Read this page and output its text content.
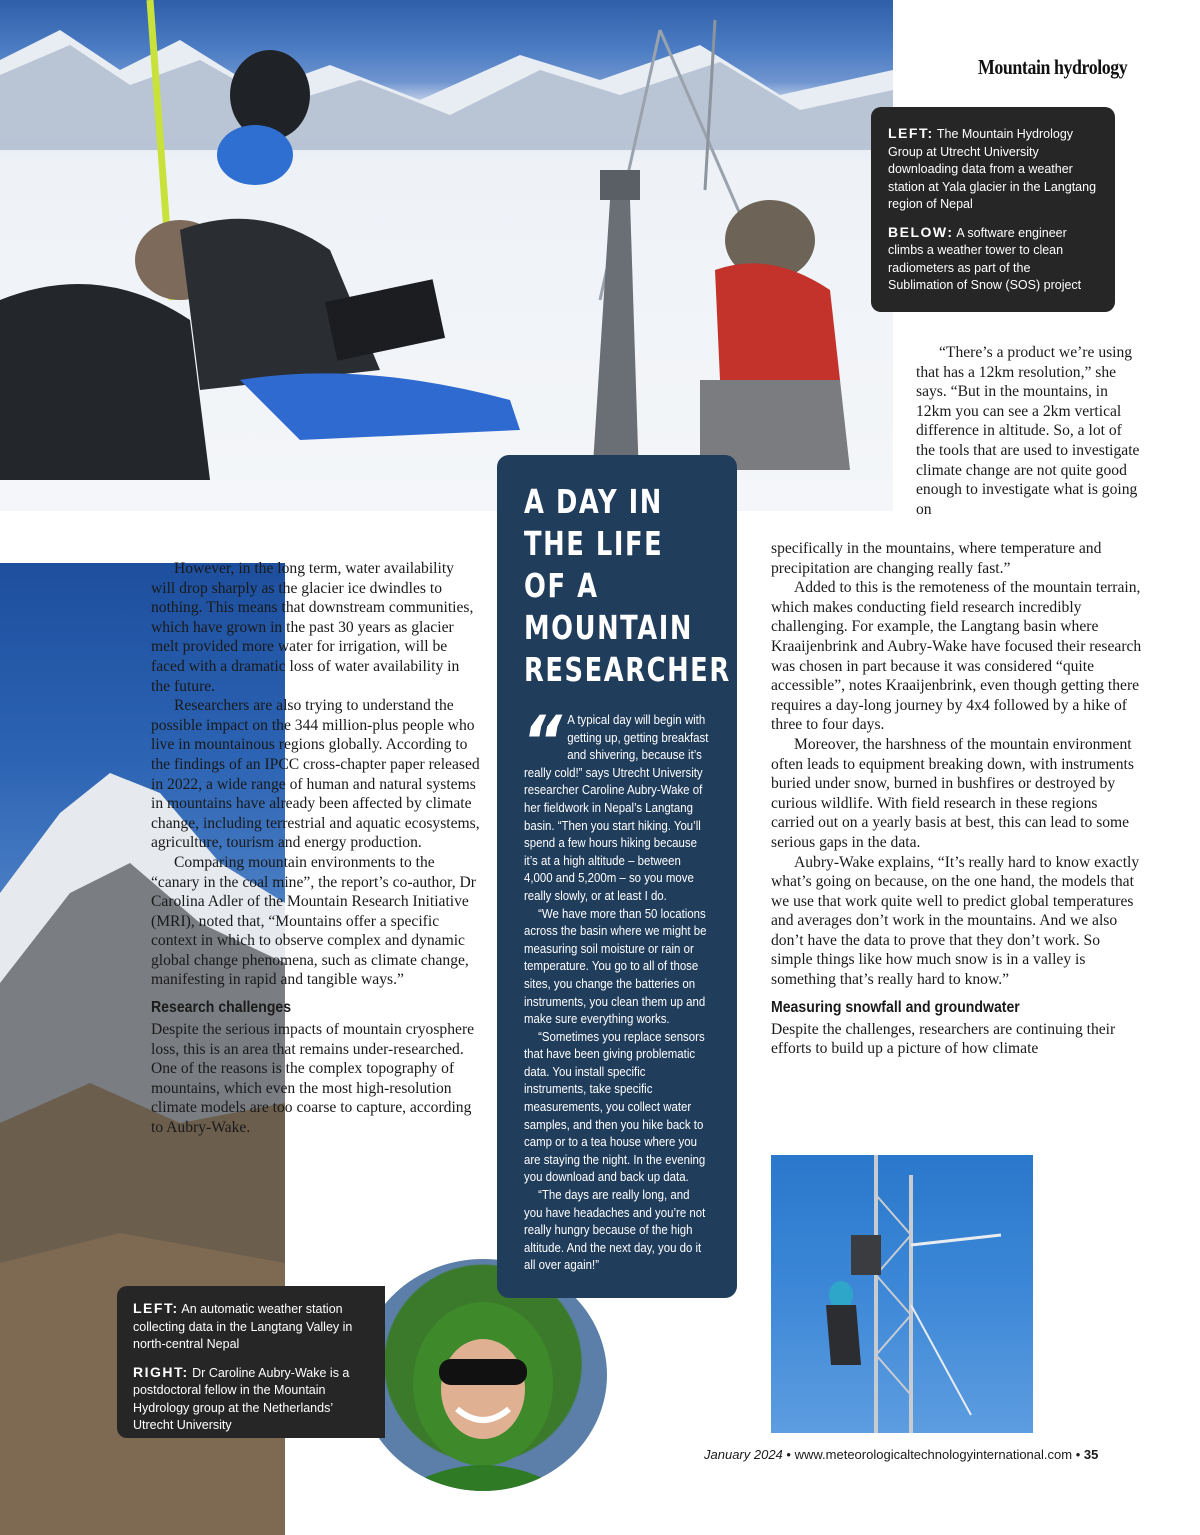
Mountain hydrology

LEFT: The Mountain Hydrology Group at Utrecht University downloading data from a weather station at Yala glacier in the Langtang region of Nepal

BELOW: A software engineer climbs a weather tower to clean radiometers as part of the Sublimation of Snow (SOS) project

LEFT: An automatic weather station collecting data in the Langtang Valley in north-central Nepal

RIGHT: Dr Caroline Aubry-Wake is a postdoctoral fellow in the Mountain Hydrology group at the Netherlands’ Utrecht University

However, in the long term, water availability will drop sharply as the glacier ice dwindles to nothing. This means that downstream communities, which have grown in the past 30 years as glacier melt provided more water for irrigation, will be faced with a dramatic loss of water availability in the future.

Researchers are also trying to understand the possible impact on the 344 million-plus people who live in mountainous regions globally. According to the findings of an IPCC cross-chapter paper released in 2022, a wide range of human and natural systems in mountains have already been affected by climate change, including terrestrial and aquatic ecosystems, agriculture, tourism and energy production.

Comparing mountain environments to the “canary in the coal mine”, the report’s co-author, Dr Carolina Adler of the Mountain Research Initiative (MRI), noted that, “Mountains offer a specific context in which to observe complex and dynamic global change phenomena, such as climate change, manifesting in rapid and tangible ways.”

Research challenges

Despite the serious impacts of mountain cryosphere loss, this is an area that remains under-researched. One of the reasons is the complex topography of mountains, which even the most high-resolution climate models are too coarse to capture, according to Aubry-Wake.

A DAY IN THE LIFE OF A MOUNTAIN RESEARCHER
“ A typical day will begin with getting up, getting breakfast and shivering, because it’s really cold!” says Utrecht University researcher Caroline Aubry-Wake of her fieldwork in Nepal’s Langtang basin. “Then you start hiking. You’ll spend a few hours hiking because it’s at a high altitude – between 4,000 and 5,200m – so you move really slowly, or at least I do.

“We have more than 50 locations across the basin where we might be measuring soil moisture or rain or temperature. You go to all of those sites, you change the batteries on instruments, you clean them up and make sure everything works.

“Sometimes you replace sensors that have been giving problematic data. You install specific instruments, take specific measurements, you collect water samples, and then you hike back to camp or to a tea house where you are staying the night. In the evening you download and back up data.

“The days are really long, and you have headaches and you’re not really hungry because of the high altitude. And the next day, you do it all over again!”

“There’s a product we’re using that has a 12km resolution,” she says. “But in the mountains, in 12km you can see a 2km vertical difference in altitude. So, a lot of the tools that are used to investigate climate change are not quite good enough to investigate what is going on

specifically in the mountains, where temperature and precipitation are changing really fast.”

Added to this is the remoteness of the mountain terrain, which makes conducting field research incredibly challenging. For example, the Langtang basin where Kraaijenbrink and Aubry-Wake have focused their research was chosen in part because it was considered “quite accessible”, notes Kraaijenbrink, even though getting there requires a day-long journey by 4x4 followed by a hike of three to four days.

Moreover, the harshness of the mountain environment often leads to equipment breaking down, with instruments buried under snow, burned in bushfires or destroyed by curious wildlife. With field research in these regions carried out on a yearly basis at best, this can lead to some serious gaps in the data.

Aubry-Wake explains, “It’s really hard to know exactly what’s going on because, on the one hand, the models that we use that work quite well to predict global temperatures and averages don’t work in the mountains. And we also don’t have the data to prove that they don’t work. So simple things like how much snow is in a valley is something that’s really hard to know.”

Measuring snowfall and groundwater

Despite the challenges, researchers are continuing their efforts to build up a picture of how climate

January 2024 • www.meteorologicaltechnologyinternational.com • 35
